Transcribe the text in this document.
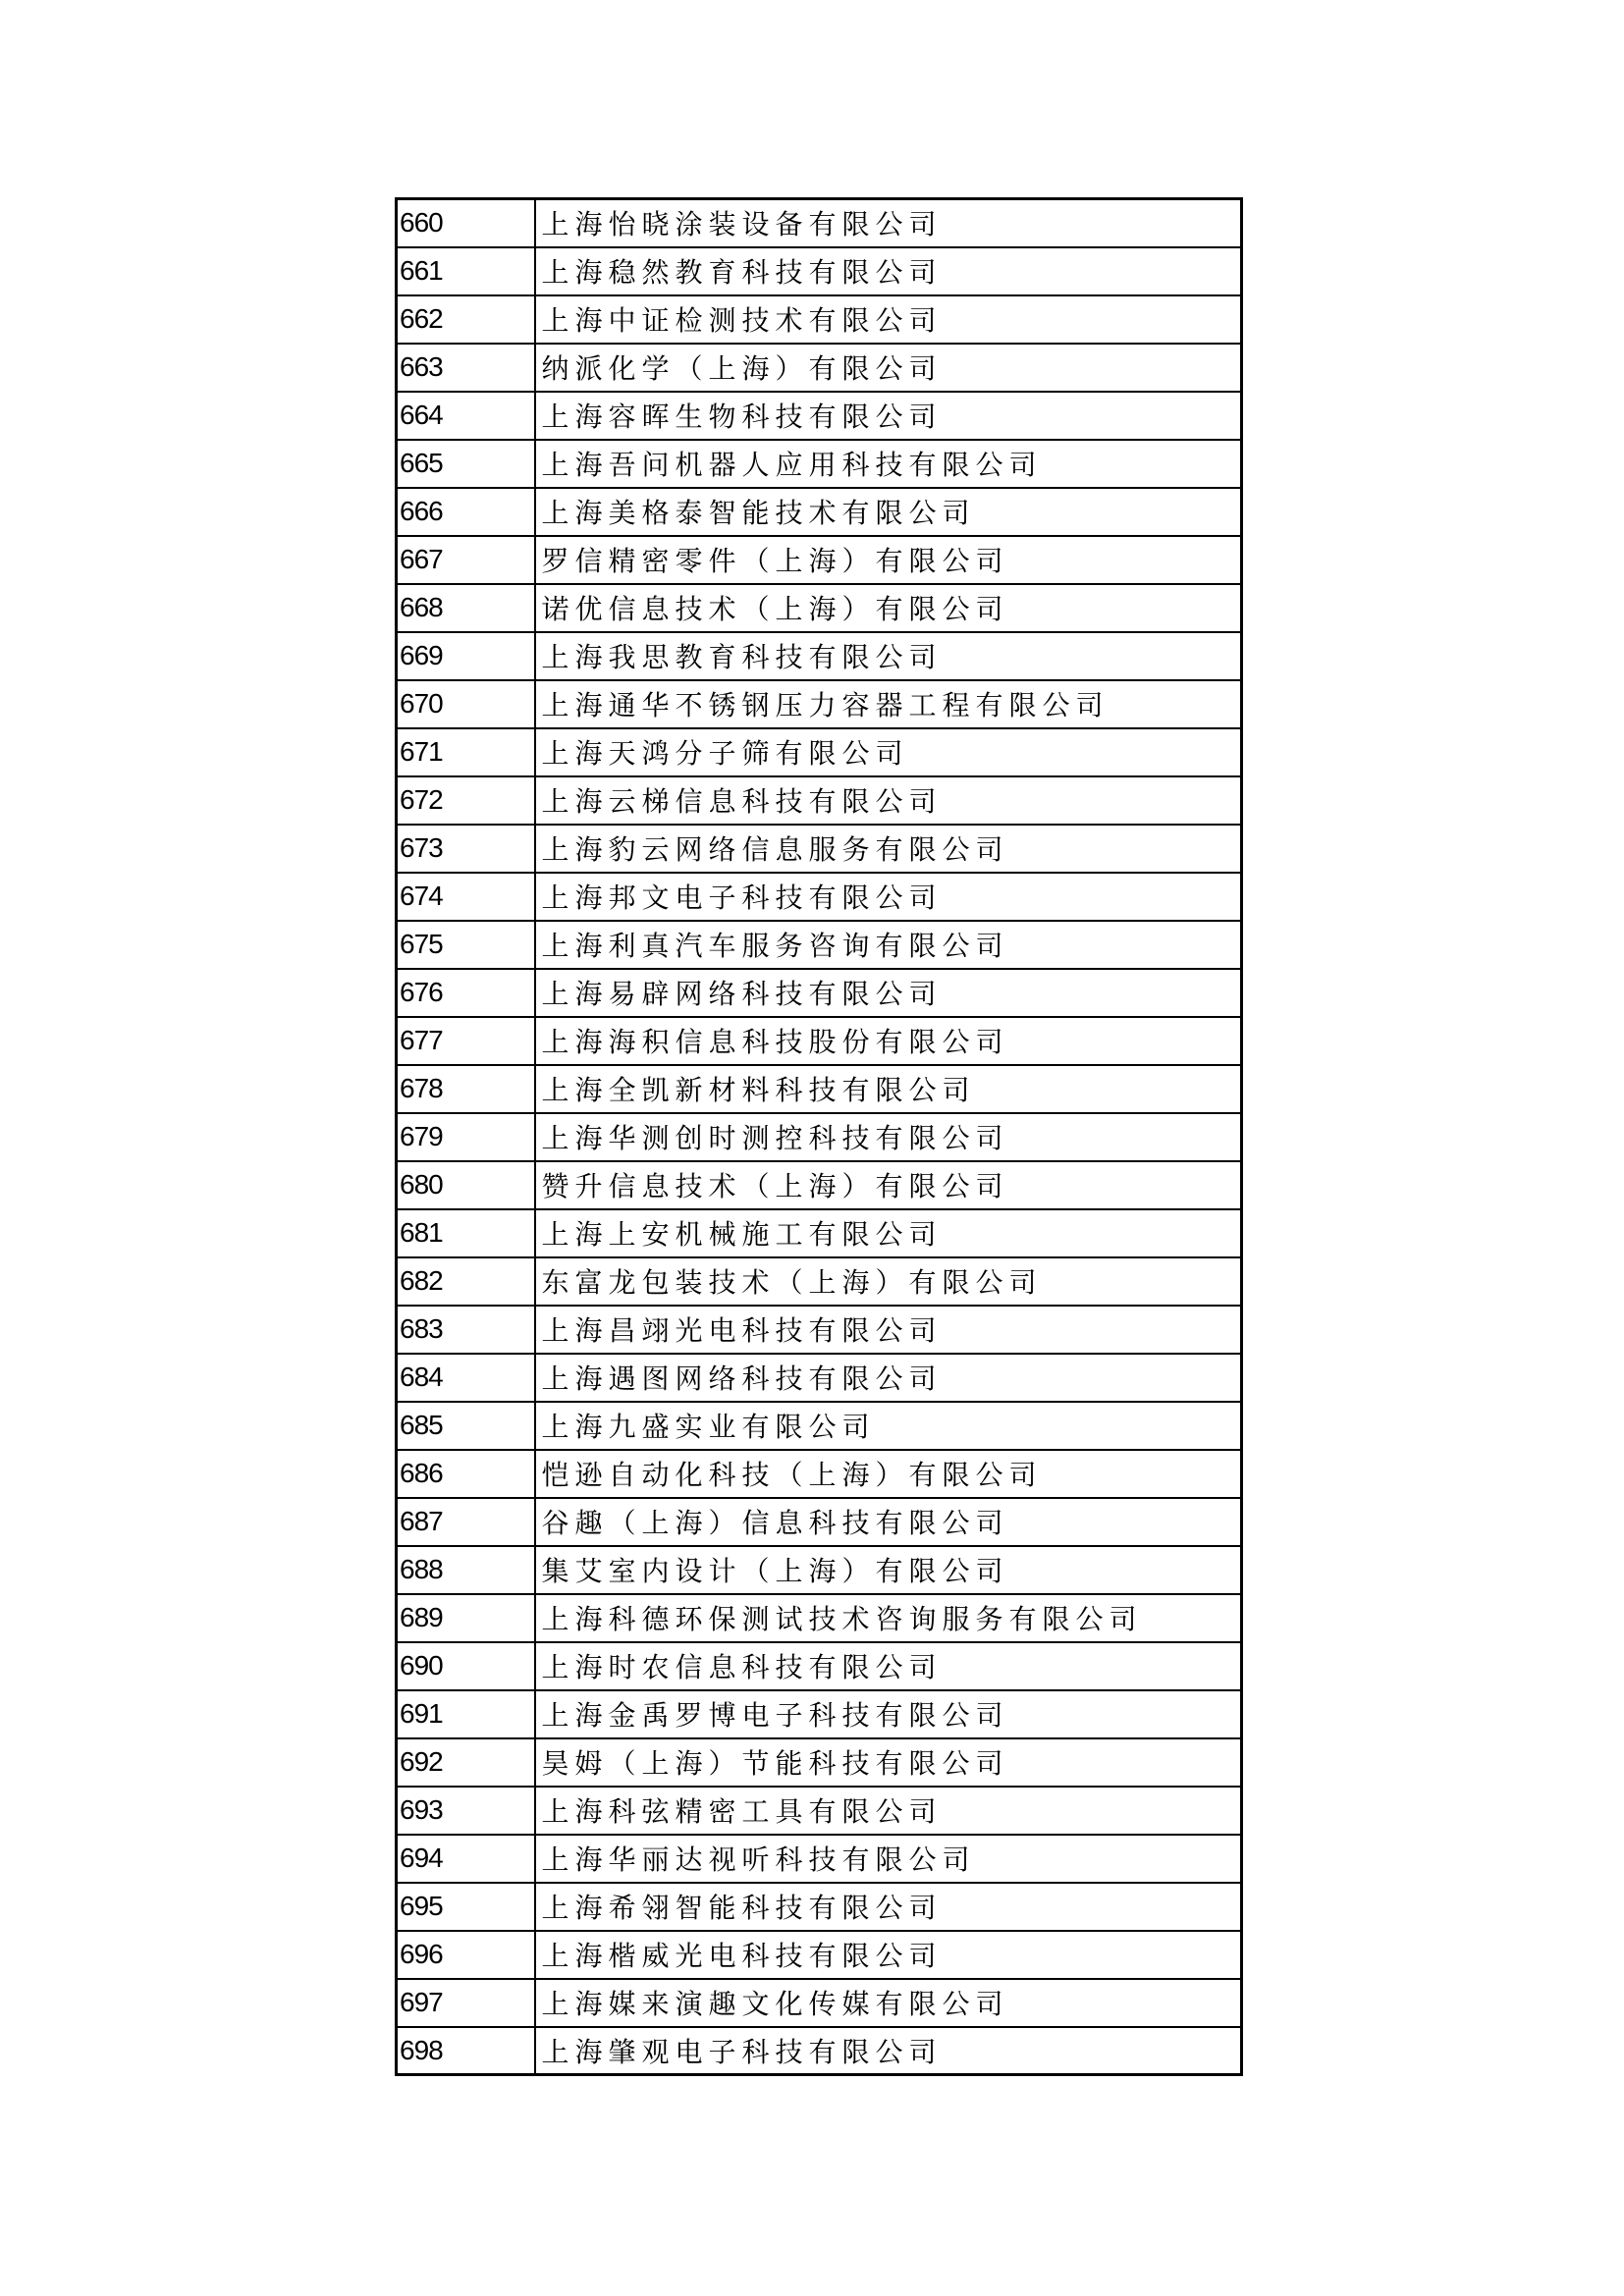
660	上海怡晓涂装设备有限公司
661	上海稳然教育科技有限公司
662	上海中证检测技术有限公司
663	纳派化学（上海）有限公司
664	上海容晖生物科技有限公司
665	上海吾问机器人应用科技有限公司
666	上海美格泰智能技术有限公司
667	罗信精密零件（上海）有限公司
668	诺优信息技术（上海）有限公司
669	上海我思教育科技有限公司
670	上海通华不锈钢压力容器工程有限公司
671	上海天鸿分子筛有限公司
672	上海云梯信息科技有限公司
673	上海豹云网络信息服务有限公司
674	上海邦文电子科技有限公司
675	上海利真汽车服务咨询有限公司
676	上海易辟网络科技有限公司
677	上海海积信息科技股份有限公司
678	上海全凯新材料科技有限公司
679	上海华测创时测控科技有限公司
680	赞升信息技术（上海）有限公司
681	上海上安机械施工有限公司
682	东富龙包装技术（上海）有限公司
683	上海昌翊光电科技有限公司
684	上海遇图网络科技有限公司
685	上海九盛实业有限公司
686	恺逊自动化科技（上海）有限公司
687	谷趣（上海）信息科技有限公司
688	集艾室内设计（上海）有限公司
689	上海科德环保测试技术咨询服务有限公司
690	上海时农信息科技有限公司
691	上海金禹罗博电子科技有限公司
692	昊姆（上海）节能科技有限公司
693	上海科弦精密工具有限公司
694	上海华丽达视听科技有限公司
695	上海希翎智能科技有限公司
696	上海楷威光电科技有限公司
697	上海媒来演趣文化传媒有限公司
698	上海肇观电子科技有限公司
